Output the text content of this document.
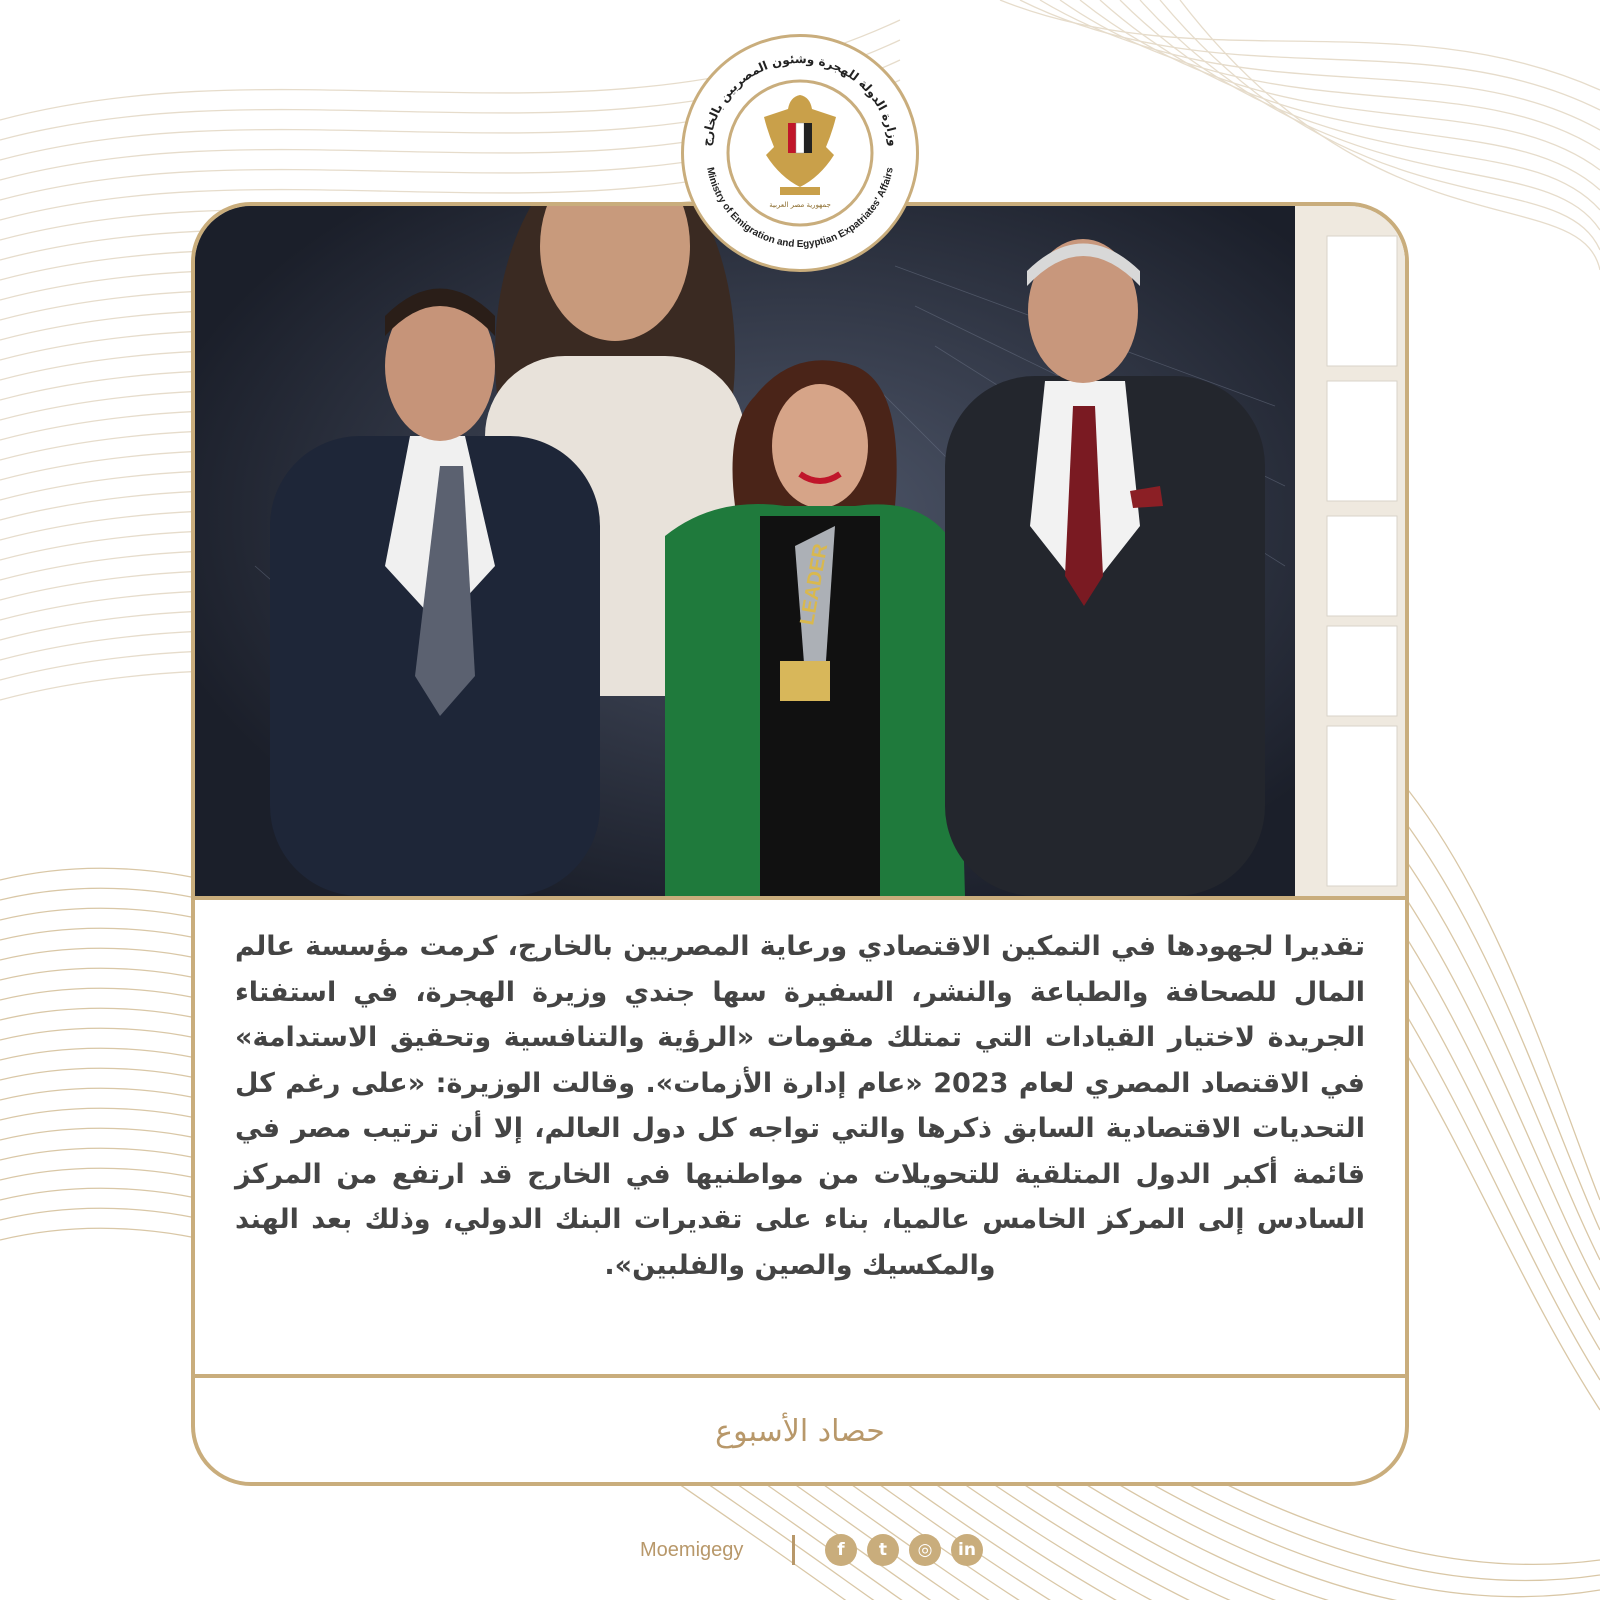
LEADER
تقديرا لجهودها في التمكين الاقتصادي ورعاية المصريين بالخارج، كرمت مؤسسة عالم المال للصحافة والطباعة والنشر، السفيرة سها جندي وزيرة الهجرة، في استفتاء الجريدة لاختيار القيادات التي تمتلك مقومات «الرؤية والتنافسية وتحقيق الاستدامة» في الاقتصاد المصري لعام 2023 «عام إدارة الأزمات». وقالت الوزيرة: «على رغم كل التحديات الاقتصادية السابق ذكرها والتي تواجه كل دول العالم، إلا أن ترتيب مصر في قائمة أكبر الدول المتلقية للتحويلات من مواطنيها في الخارج قد ارتفع من المركز السادس إلى المركز الخامس عالميا، بناء على تقديرات البنك الدولي، وذلك بعد الهند والمكسيك والصين والفلبين».
حصاد الأسبوع
وزارة الدولة للهجرة وشئون المصريين بالخارج
Ministry of Emigration and Egyptian Expatriates' Affairs
جمهورية مصر العربية
Moemigegy	f	t	◎	in
